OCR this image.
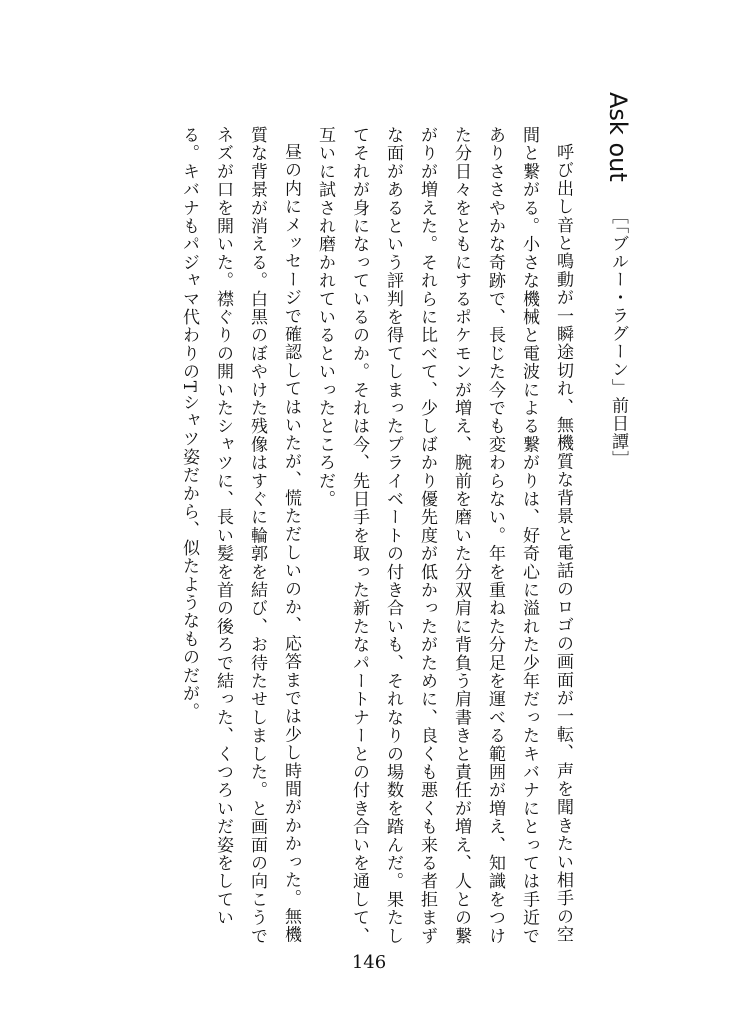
Ask out ［「ブルー・ラグーン」前日譚］

呼び出し音と鳴動が一瞬途切れ、無機質な背景と電話のロゴの画面が一転、声を聞きたい相手の空間と繋がる。小さな機械と電波による繋がりは、好奇心に溢れた少年だったキバナにとっては手近でありささやかな奇跡で、長じた今でも変わらない。年を重ねた分足を運べる範囲が増え、知識をつけた分日々をともにするポケモンが増え、腕前を磨いた分双肩に背負う肩書きと責任が増え、人との繋がりが増えた。それらに比べて、少しばかり優先度が低かったがために、良くも悪くも来る者拒まずな面があるという評判を得てしまったプライベートの付き合いも、それなりの場数を踏んだ。果たしてそれが身になっているのか。それは今、先日手を取った新たなパートナーとの付き合いを通して、互いに試され磨かれているといったところだ。

昼の内にメッセージで確認してはいたが、慌ただしいのか、応答までは少し時間がかかった。無機質な背景が消える。白黒のぼやけた残像はすぐに輪郭を結び、お待たせしました。と画面の向こうでネズが口を開いた。襟ぐりの開いたシャツに、長い髪を首の後ろで結った、くつろいだ姿をしている。キバナもパジャマ代わりのTシャツ姿だから、似たようなものだが。

146
